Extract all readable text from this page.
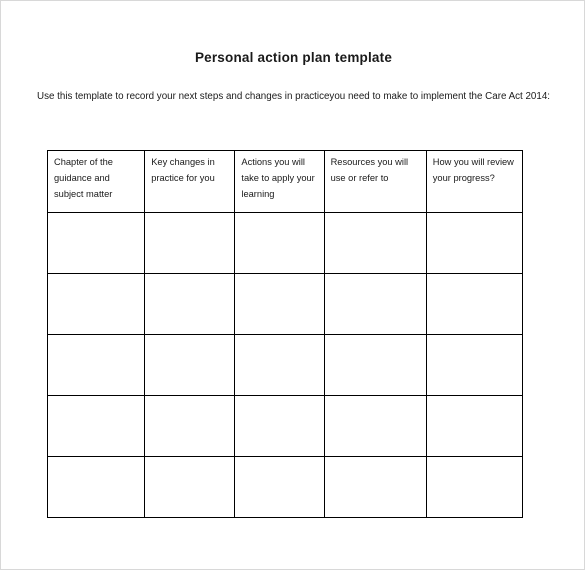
Personal action plan template
Use this template to record your next steps and changes in practiceyou need to make to implement the Care Act 2014:
Chapter of the guidance and subject matter	Key changes in practice for you	Actions you will take to apply your learning	Resources you will use or refer to	How you will review your progress?
